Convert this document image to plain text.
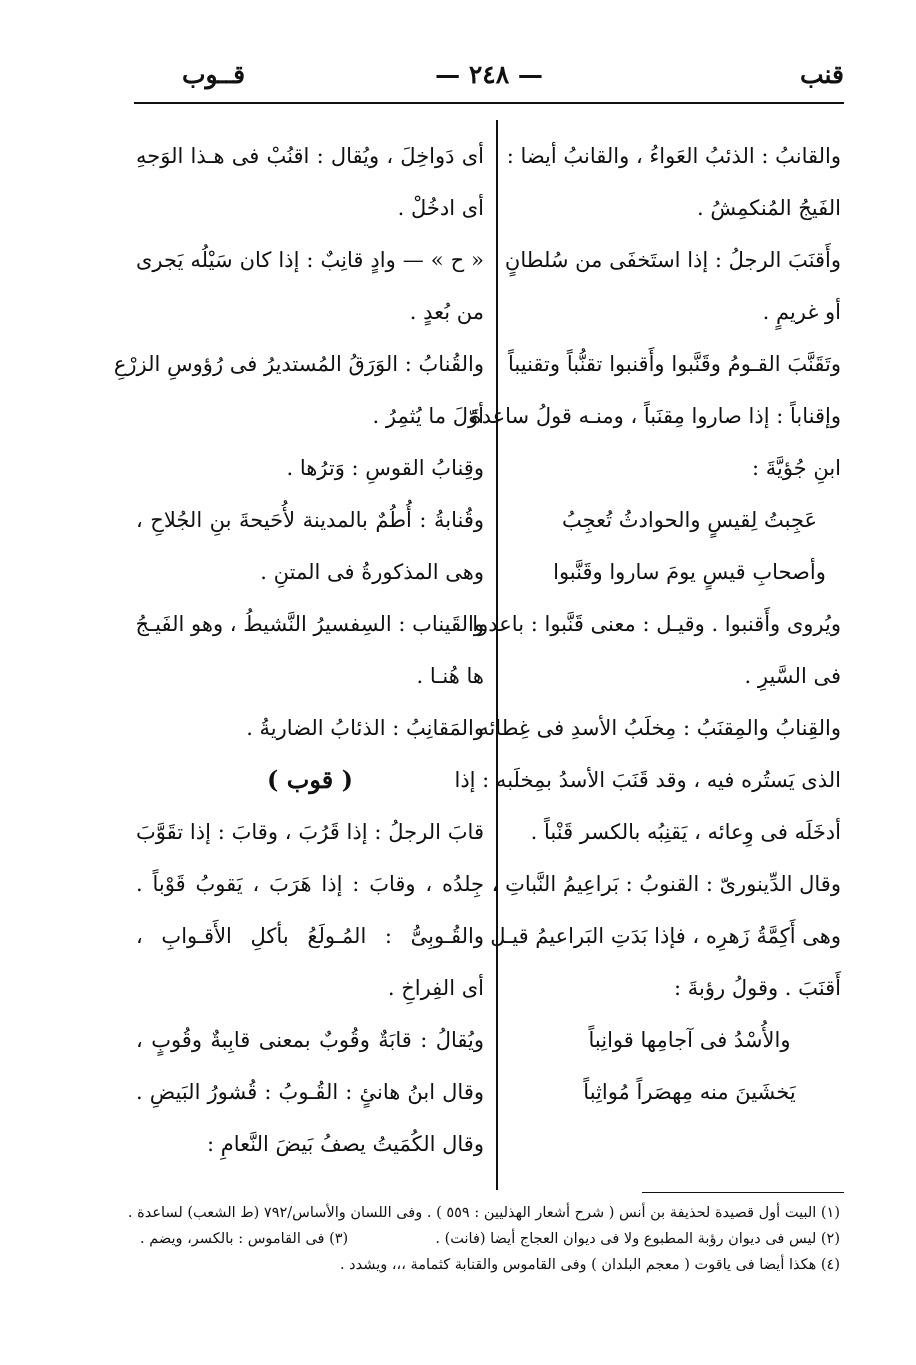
قنب
— ٢٤٨ —
قــوب

والقانبُ : الذئبُ العَواءُ ، والقانبُ أيضا :

الفَيجُ المُنكمِشُ .

وأَقنَبَ الرجلُ : إذا استَخفَى من سُلطانٍ

أو غريمٍ .

وتَقَنَّبَ القـومُ وقَنَّبوا وأَقنبوا تقنُّباً وتقنيباً

وإقناباً : إذا صاروا مِقنَباً ، ومنـه قولُ ساعدةَ

ابنِ جُؤيَّةَ :

عَجِبتُ لِقيسٍ والحوادثُ تُعجِبُ

وأصحابِ قيسٍ يومَ ساروا وقَنَّبوا

ويُروى وأَقنبوا . وقيـل : معنى قَنَّبوا : باعدوا

فى السَّيرِ .

والقِنابُ والمِقنَبُ : مِخلَبُ الأسدِ فى غِطائه

الذى يَستُره فيه ، وقد قَنَبَ الأسدُ بمِخلَبه : إذا

أدخَلَه فى وِعائه ، يَقنِبُه بالكسر قَنْباً .

وقال الدِّينورىّ : القنوبُ : بَراعِيمُ النَّباتِ ،

وهى أَكِمَّةُ زَهرِه ، فإذا بَدَتِ البَراعيمُ قيـل

أَقنَبَ . وقولُ رؤبةَ :

والأُسْدُ فى آجامِها قوانِباً

يَخشَينَ منه مِهصَراً مُواثِباً

أى دَواخِلَ ، ويُقال : اقنُبْ فى هـذا الوَجهِ

أى ادخُلْ .

« ح » — وادٍ قانِبٌ : إذا كان سَيْلُه يَجرى

من بُعدٍ .

والقُنابُ : الوَرَقُ المُستديرُ فى رُؤوسِ الزرْعِ

أوّلَ ما يُثمِرُ .

وقِنابُ القوسِ : وَترُها .

وقُنابةُ : أُطُمٌ بالمدينة لأُحَيحةَ بنِ الجُلاحِ ،

وهى المذكورةُ فى المتنِ .

والقَيناب : السِفسيرُ النَّشيطُ ، وهو الفَيـجُ

ها هُنـا .

والمَقانِبُ : الذئابُ الضاريةُ .

( قوب )

قابَ الرجلُ : إذا قَرُبَ ، وقابَ : إذا تقَوَّبَ

جِلدُه ، وقابَ : إذا هَرَبَ ، يَقوبُ قَوْباً .

والقُـوبِىُّ : المُـولَعُ بأكلِ الأَقـوابِ ،

أى الفِراخِ .

ويُقالُ : قابَةٌ وقُوبٌ بمعنى قابِبةٌ وقُوبٍ ،

وقال ابنُ هانئٍ : القُـوبُ : قُشورُ البَيضِ .

وقال الكُمَيتُ يصفُ بَيضَ النَّعامِ :

(١) البيت أول قصيدة لحذيفة بن أنس ( شرح أشعار الهذليين : ٥٥٩ ) . وفى اللسان والأساس/٧٩٢ (ط الشعب) لساعدة .

(٢) ليس فى ديوان رؤبة المطبوع ولا فى ديوان العجاج أيضا (فانت) .
(٣) فى القاموس : بالكسر، ويضم .

(٤) هكذا أيضا فى ياقوت ( معجم البلدان ) وفى القاموس والقنابة كثمامة ،،، ويشدد .
